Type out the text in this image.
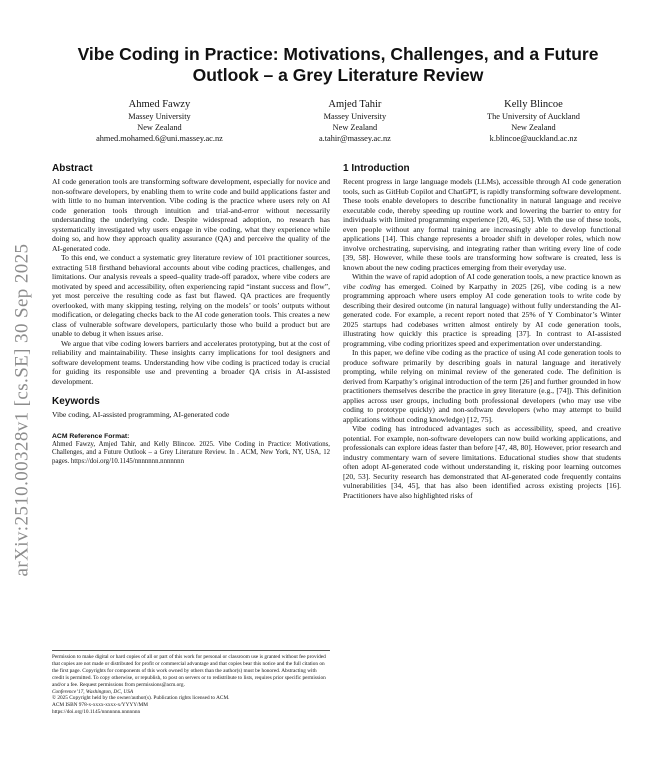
arXiv:2510.00328v1 [cs.SE] 30 Sep 2025
Vibe Coding in Practice: Motivations, Challenges, and a Future
Outlook – a Grey Literature Review
Ahmed Fawzy
Massey University
New Zealand
ahmed.mohamed.6@uni.massey.ac.nz
Amjed Tahir
Massey University
New Zealand
a.tahir@massey.ac.nz
Kelly Blincoe
The University of Auckland
New Zealand
k.blincoe@auckland.ac.nz
Abstract

AI code generation tools are transforming software development, especially for novice and non-software developers, by enabling them to write code and build applications faster and with little to no human intervention. Vibe coding is the practice where users rely on AI code generation tools through intuition and trial-and-error without necessarily understanding the underlying code. Despite widespread adoption, no research has systematically investigated why users engage in vibe coding, what they experience while doing so, and how they approach quality assurance (QA) and perceive the quality of the AI-generated code.

To this end, we conduct a systematic grey literature review of 101 practitioner sources, extracting 518 firsthand behavioral accounts about vibe coding practices, challenges, and limitations. Our analysis reveals a speed–quality trade-off paradox, where vibe coders are motivated by speed and accessibility, often experiencing rapid “instant success and flow”, yet most perceive the resulting code as fast but flawed. QA practices are frequently overlooked, with many skipping testing, relying on the models’ or tools’ outputs without modification, or delegating checks back to the AI code generation tools. This creates a new class of vulnerable software developers, particularly those who build a product but are unable to debug it when issues arise.

We argue that vibe coding lowers barriers and accelerates prototyping, but at the cost of reliability and maintainability. These insights carry implications for tool designers and software development teams. Understanding how vibe coding is practiced today is crucial for guiding its responsible use and preventing a broader QA crisis in AI-assisted development.

Keywords

Vibe coding, AI-assisted programming, AI-generated code

ACM Reference Format:

Ahmed Fawzy, Amjed Tahir, and Kelly Blincoe. 2025. Vibe Coding in Practice: Motivations, Challenges, and a Future Outlook – a Grey Literature Review. In . ACM, New York, NY, USA, 12 pages. https://doi.org/10.1145/nnnnnnn.nnnnnnn

Permission to make digital or hard copies of all or part of this work for personal or classroom use is granted without fee provided that copies are not made or distributed for profit or commercial advantage and that copies bear this notice and the full citation on the first page. Copyrights for components of this work owned by others than the author(s) must be honored. Abstracting with credit is permitted. To copy otherwise, or republish, to post on servers or to redistribute to lists, requires prior specific permission and/or a fee. Request permissions from permissions@acm.org.

Conference’17, Washington, DC, USA

© 2025 Copyright held by the owner/author(s). Publication rights licensed to ACM.

ACM ISBN 978-x-xxxx-xxxx-x/YYYY/MM

https://doi.org/10.1145/nnnnnnn.nnnnnnn

1 Introduction

Recent progress in large language models (LLMs), accessible through AI code generation tools, such as GitHub Copilot and ChatGPT, is rapidly transforming software development. These tools enable developers to describe functionality in natural language and receive executable code, thereby speeding up routine work and lowering the barrier to entry for individuals with limited programming experience [20, 46, 53]. With the use of these tools, even people without any formal training are increasingly able to develop functional applications [14]. This change represents a broader shift in developer roles, which now involve orchestrating, supervising, and integrating rather than writing every line of code [39, 58]. However, while these tools are transforming how software is created, less is known about the new coding practices emerging from their everyday use.

Within the wave of rapid adoption of AI code generation tools, a new practice known as vibe coding has emerged. Coined by Karpathy in 2025 [26], vibe coding is a new programming approach where users employ AI code generation tools to write code by describing their desired outcome (in natural language) without fully understanding the AI-generated code. For example, a recent report noted that 25% of Y Combinator’s Winter 2025 startups had codebases written almost entirely by AI code generation tools, illustrating how quickly this practice is spreading [37]. In contrast to AI-assisted programming, vibe coding prioritizes speed and experimentation over understanding.

In this paper, we define vibe coding as the practice of using AI code generation tools to produce software primarily by describing goals in natural language and iteratively prompting, while relying on minimal review of the generated code. The definition is derived from Karpathy’s original introduction of the term [26] and further grounded in how practitioners themselves describe the practice in grey literature (e.g., [74]). This definition applies across user groups, including both professional developers (who may use vibe coding to prototype quickly) and non-software developers (who may attempt to build applications without coding knowledge) [12, 75].

Vibe coding has introduced advantages such as accessibility, speed, and creative potential. For example, non-software developers can now build working applications, and professionals can explore ideas faster than before [47, 48, 80]. However, prior research and industry commentary warn of severe limitations. Educational studies show that students often adopt AI-generated code without understanding it, risking poor learning outcomes [20, 53]. Security research has demonstrated that AI-generated code frequently contains vulnerabilities [34, 45], that has also been identified across existing projects [16]. Practitioners have also highlighted risks of
